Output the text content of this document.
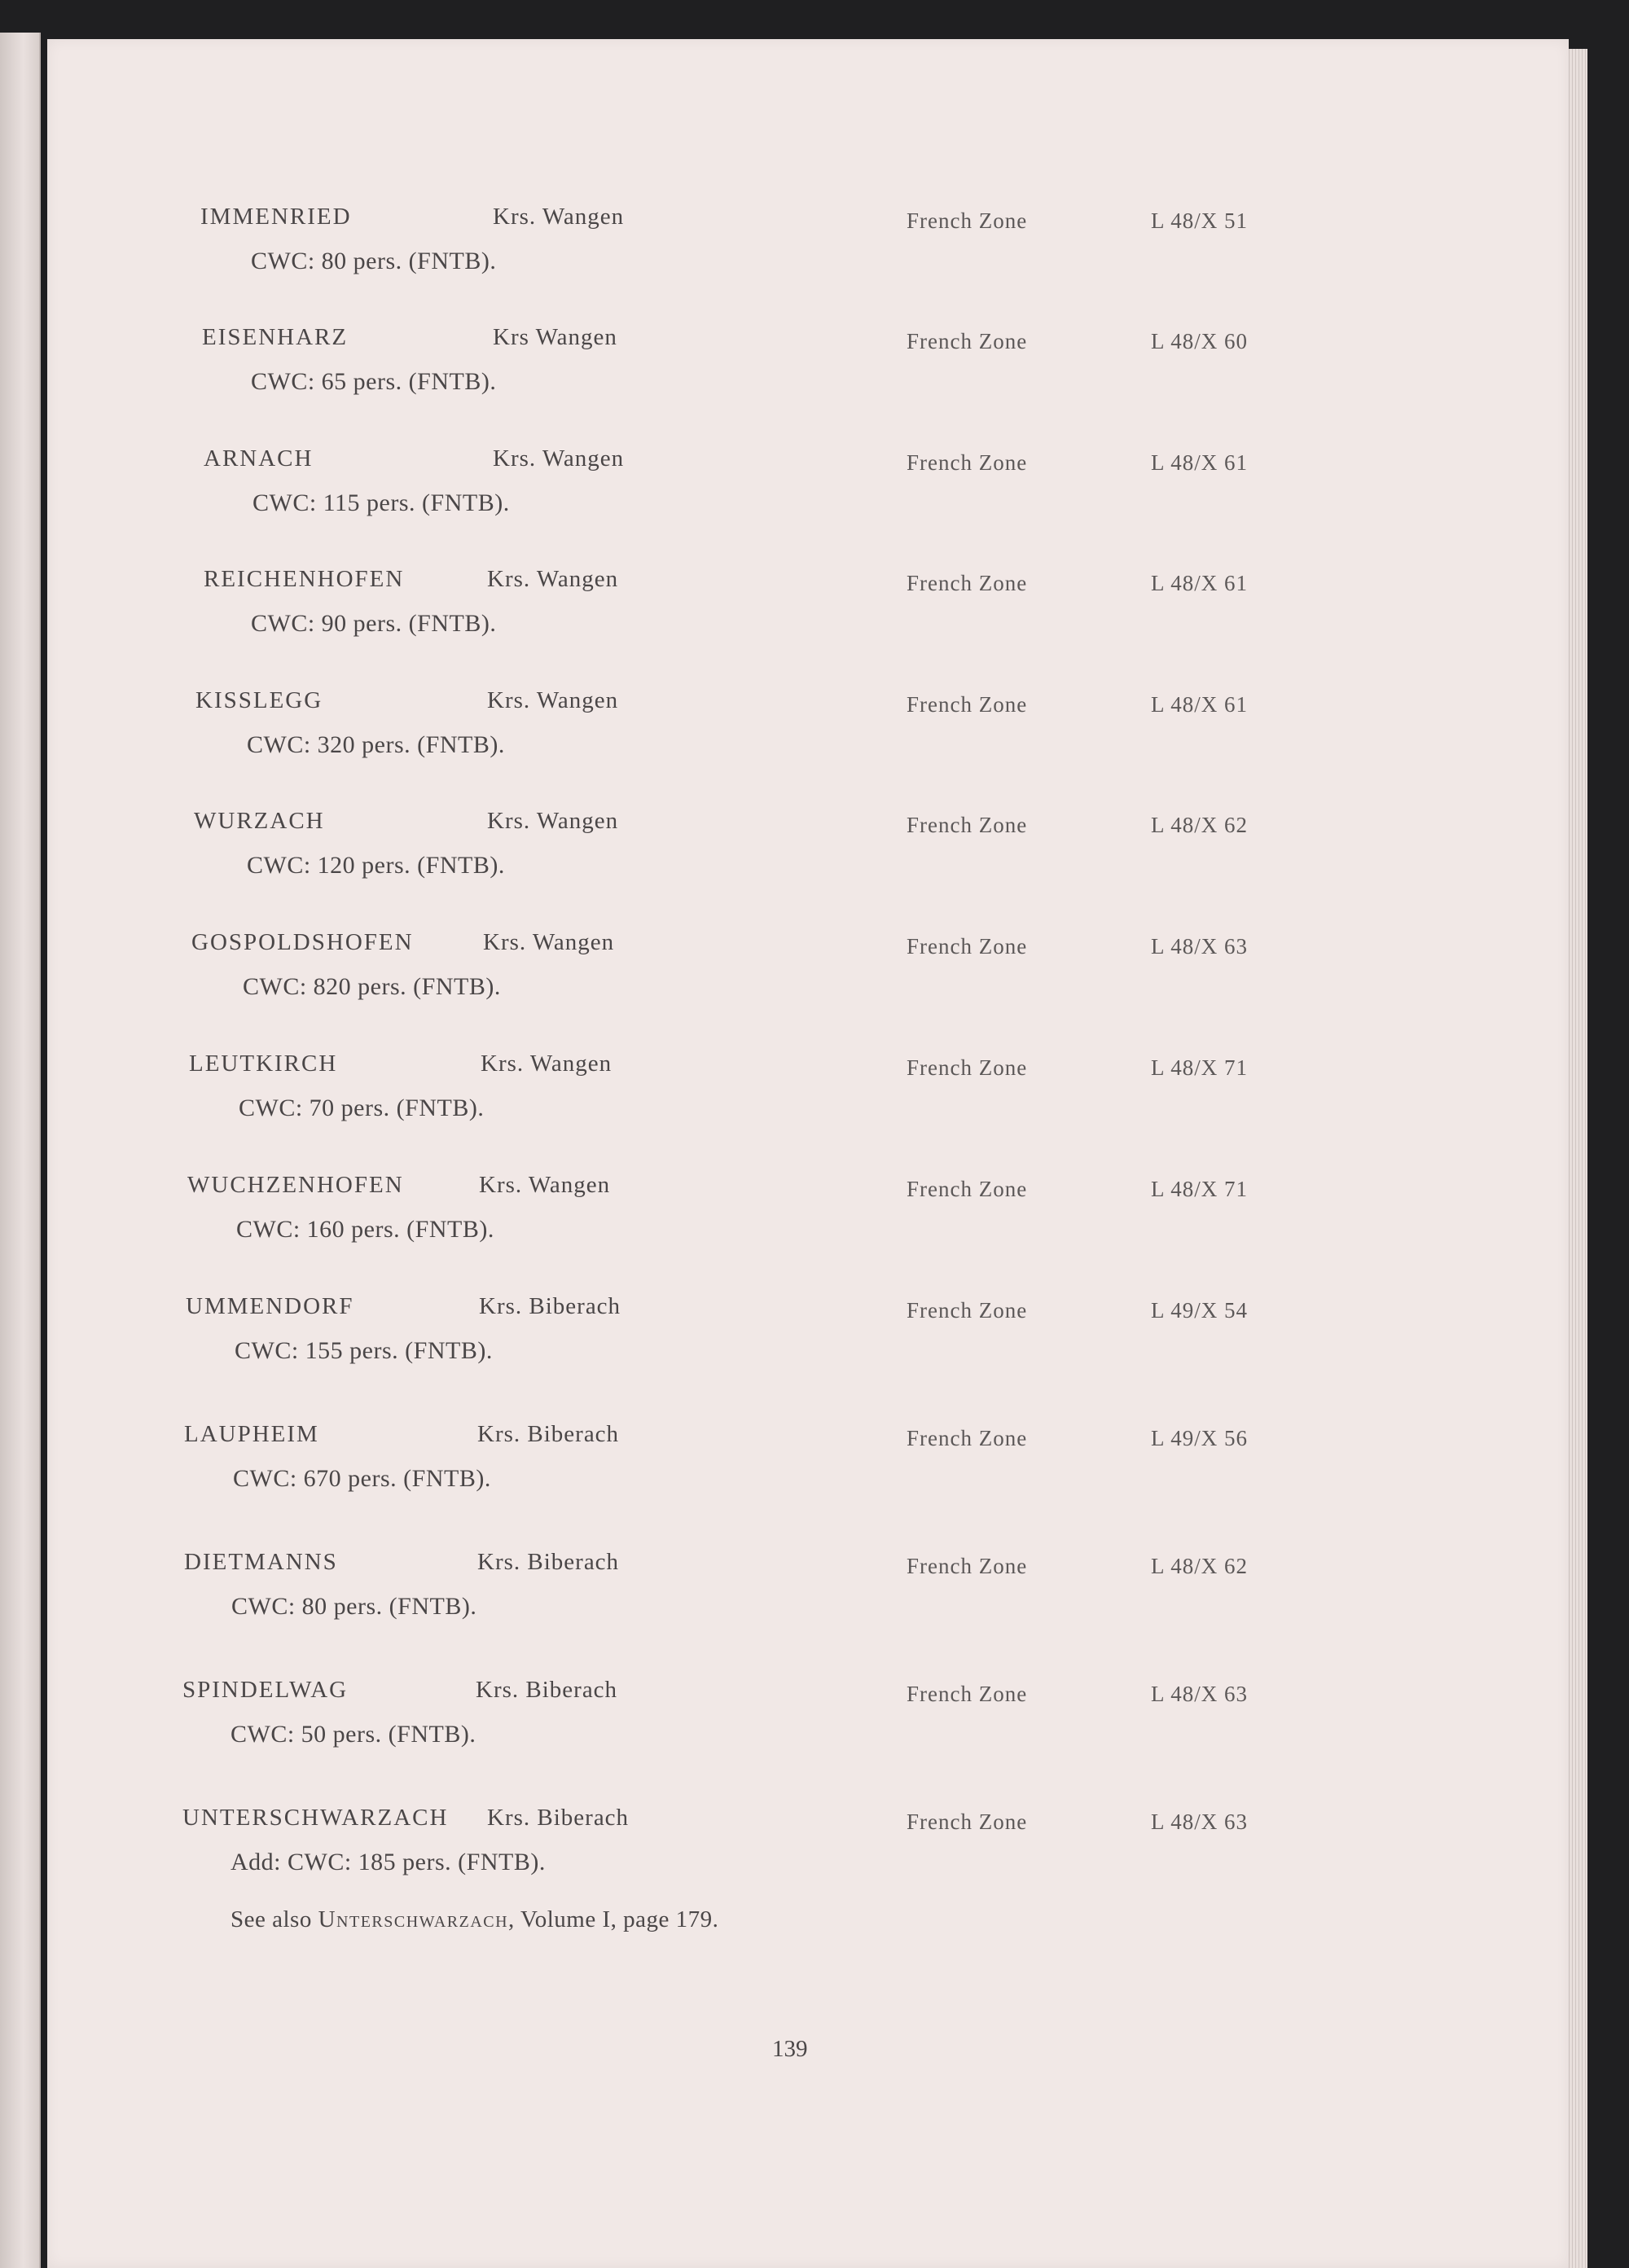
IMMENRIED	Krs. Wangen	French Zone	L 48/X 51
CWC: 80 pers. (FNTB).
EISENHARZ	Krs Wangen	French Zone	L 48/X 60
CWC: 65 pers. (FNTB).
ARNACH	Krs. Wangen	French Zone	L 48/X 61
CWC: 115 pers. (FNTB).
REICHENHOFEN	Krs. Wangen	French Zone	L 48/X 61
CWC: 90 pers. (FNTB).
KISSLEGG	Krs. Wangen	French Zone	L 48/X 61
CWC: 320 pers. (FNTB).
WURZACH	Krs. Wangen	French Zone	L 48/X 62
CWC: 120 pers. (FNTB).
GOSPOLDSHOFEN	Krs. Wangen	French Zone	L 48/X 63
CWC: 820 pers. (FNTB).
LEUTKIRCH	Krs. Wangen	French Zone	L 48/X 71
CWC: 70 pers. (FNTB).
WUCHZENHOFEN	Krs. Wangen	French Zone	L 48/X 71
CWC: 160 pers. (FNTB).
UMMENDORF	Krs. Biberach	French Zone	L 49/X 54
CWC: 155 pers. (FNTB).
LAUPHEIM	Krs. Biberach	French Zone	L 49/X 56
CWC: 670 pers. (FNTB).
DIETMANNS	Krs. Biberach	French Zone	L 48/X 62
CWC: 80 pers. (FNTB).
SPINDELWAG	Krs. Biberach	French Zone	L 48/X 63
CWC: 50 pers. (FNTB).
UNTERSCHWARZACH Krs. Biberach	French Zone	L 48/X 63
Add: CWC: 185 pers. (FNTB).
See also Unterschwarzach, Volume I, page 179.
139
